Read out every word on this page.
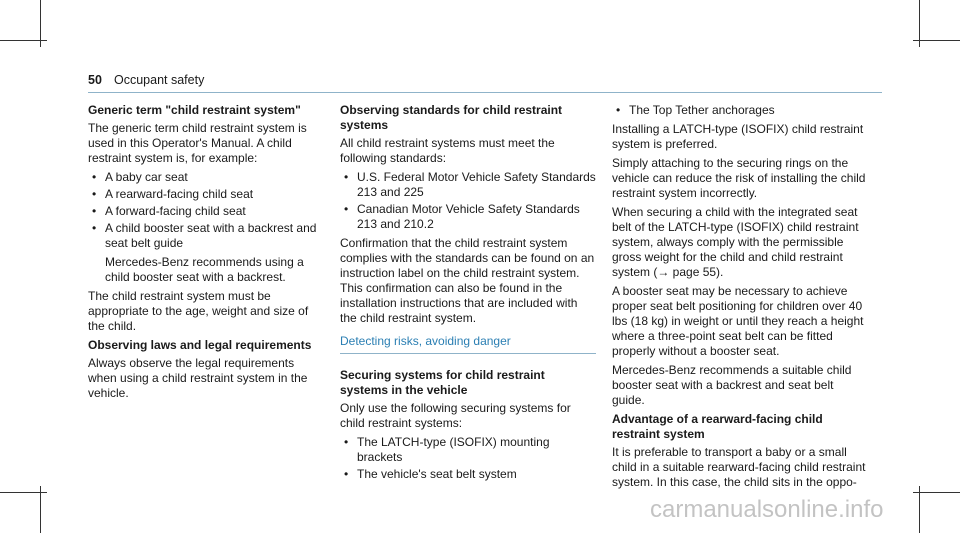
50 Occupant safety
Generic term "child restraint system"

The generic term child restraint system is used in this Operator's Manual. A child restraint system is, for example:

• A baby car seat
• A rearward-facing child seat
• A forward-facing child seat
• A child booster seat with a backrest and seat belt guide

Mercedes-Benz recommends using a child booster seat with a backrest.

The child restraint system must be appropriate to the age, weight and size of the child.

Observing laws and legal requirements

Always observe the legal requirements when using a child restraint system in the vehicle.

Observing standards for child restraint systems

All child restraint systems must meet the following standards:

• U.S. Federal Motor Vehicle Safety Standards 213 and 225
• Canadian Motor Vehicle Safety Standards 213 and 210.2

Confirmation that the child restraint system complies with the standards can be found on an instruction label on the child restraint system. This confirmation can also be found in the installation instructions that are included with the child restraint system.

Detecting risks, avoiding danger
Securing systems for child restraint systems in the vehicle

Only use the following securing systems for child restraint systems:

• The LATCH-type (ISOFIX) mounting brackets
• The vehicle's seat belt system
• The Top Tether anchorages

Installing a LATCH-type (ISOFIX) child restraint system is preferred.

Simply attaching to the securing rings on the vehicle can reduce the risk of installing the child restraint system incorrectly.

When securing a child with the integrated seat belt of the LATCH-type (ISOFIX) child restraint system, always comply with the permissible gross weight for the child and child restraint system (→ page 55).

A booster seat may be necessary to achieve proper seat belt positioning for children over 40 lbs (18 kg) in weight or until they reach a height where a three-point seat belt can be fitted properly without a booster seat.

Mercedes-Benz recommends a suitable child booster seat with a backrest and seat belt guide.

Advantage of a rearward-facing child restraint system

It is preferable to transport a baby or a small child in a suitable rearward-facing child restraint system. In this case, the child sits in the oppo-

carmanualsonline.info
